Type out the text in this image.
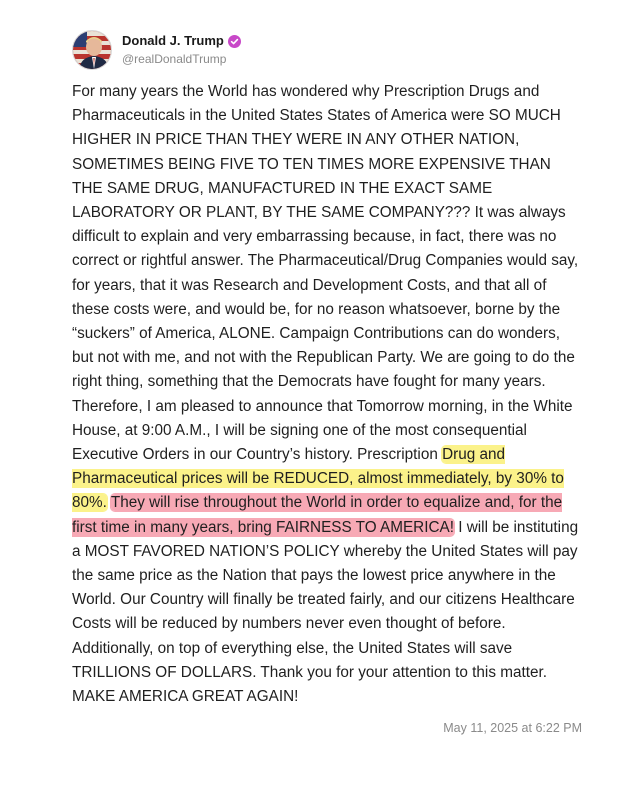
Donald J. Trump
@realDonaldTrump

For many years the World has wondered why Prescription Drugs and Pharmaceuticals in the United States States of America were SO MUCH HIGHER IN PRICE THAN THEY WERE IN ANY OTHER NATION, SOMETIMES BEING FIVE TO TEN TIMES MORE EXPENSIVE THAN THE SAME DRUG, MANUFACTURED IN THE EXACT SAME LABORATORY OR PLANT, BY THE SAME COMPANY??? It was always difficult to explain and very embarrassing because, in fact, there was no correct or rightful answer. The Pharmaceutical/Drug Companies would say, for years, that it was Research and Development Costs, and that all of these costs were, and would be, for no reason whatsoever, borne by the “suckers” of America, ALONE. Campaign Contributions can do wonders, but not with me, and not with the Republican Party. We are going to do the right thing, something that the Democrats have fought for many years. Therefore, I am pleased to announce that Tomorrow morning, in the White House, at 9:00 A.M., I will be signing one of the most consequential Executive Orders in our Country’s history. Prescription Drug and Pharmaceutical prices will be REDUCED, almost immediately, by 30% to 80%. They will rise throughout the World in order to equalize and, for the first time in many years, bring FAIRNESS TO AMERICA! I will be instituting a MOST FAVORED NATION’S POLICY whereby the United States will pay the same price as the Nation that pays the lowest price anywhere in the World. Our Country will finally be treated fairly, and our citizens Healthcare Costs will be reduced by numbers never even thought of before. Additionally, on top of everything else, the United States will save TRILLIONS OF DOLLARS. Thank you for your attention to this matter. MAKE AMERICA GREAT AGAIN!

May 11, 2025 at 6:22 PM
